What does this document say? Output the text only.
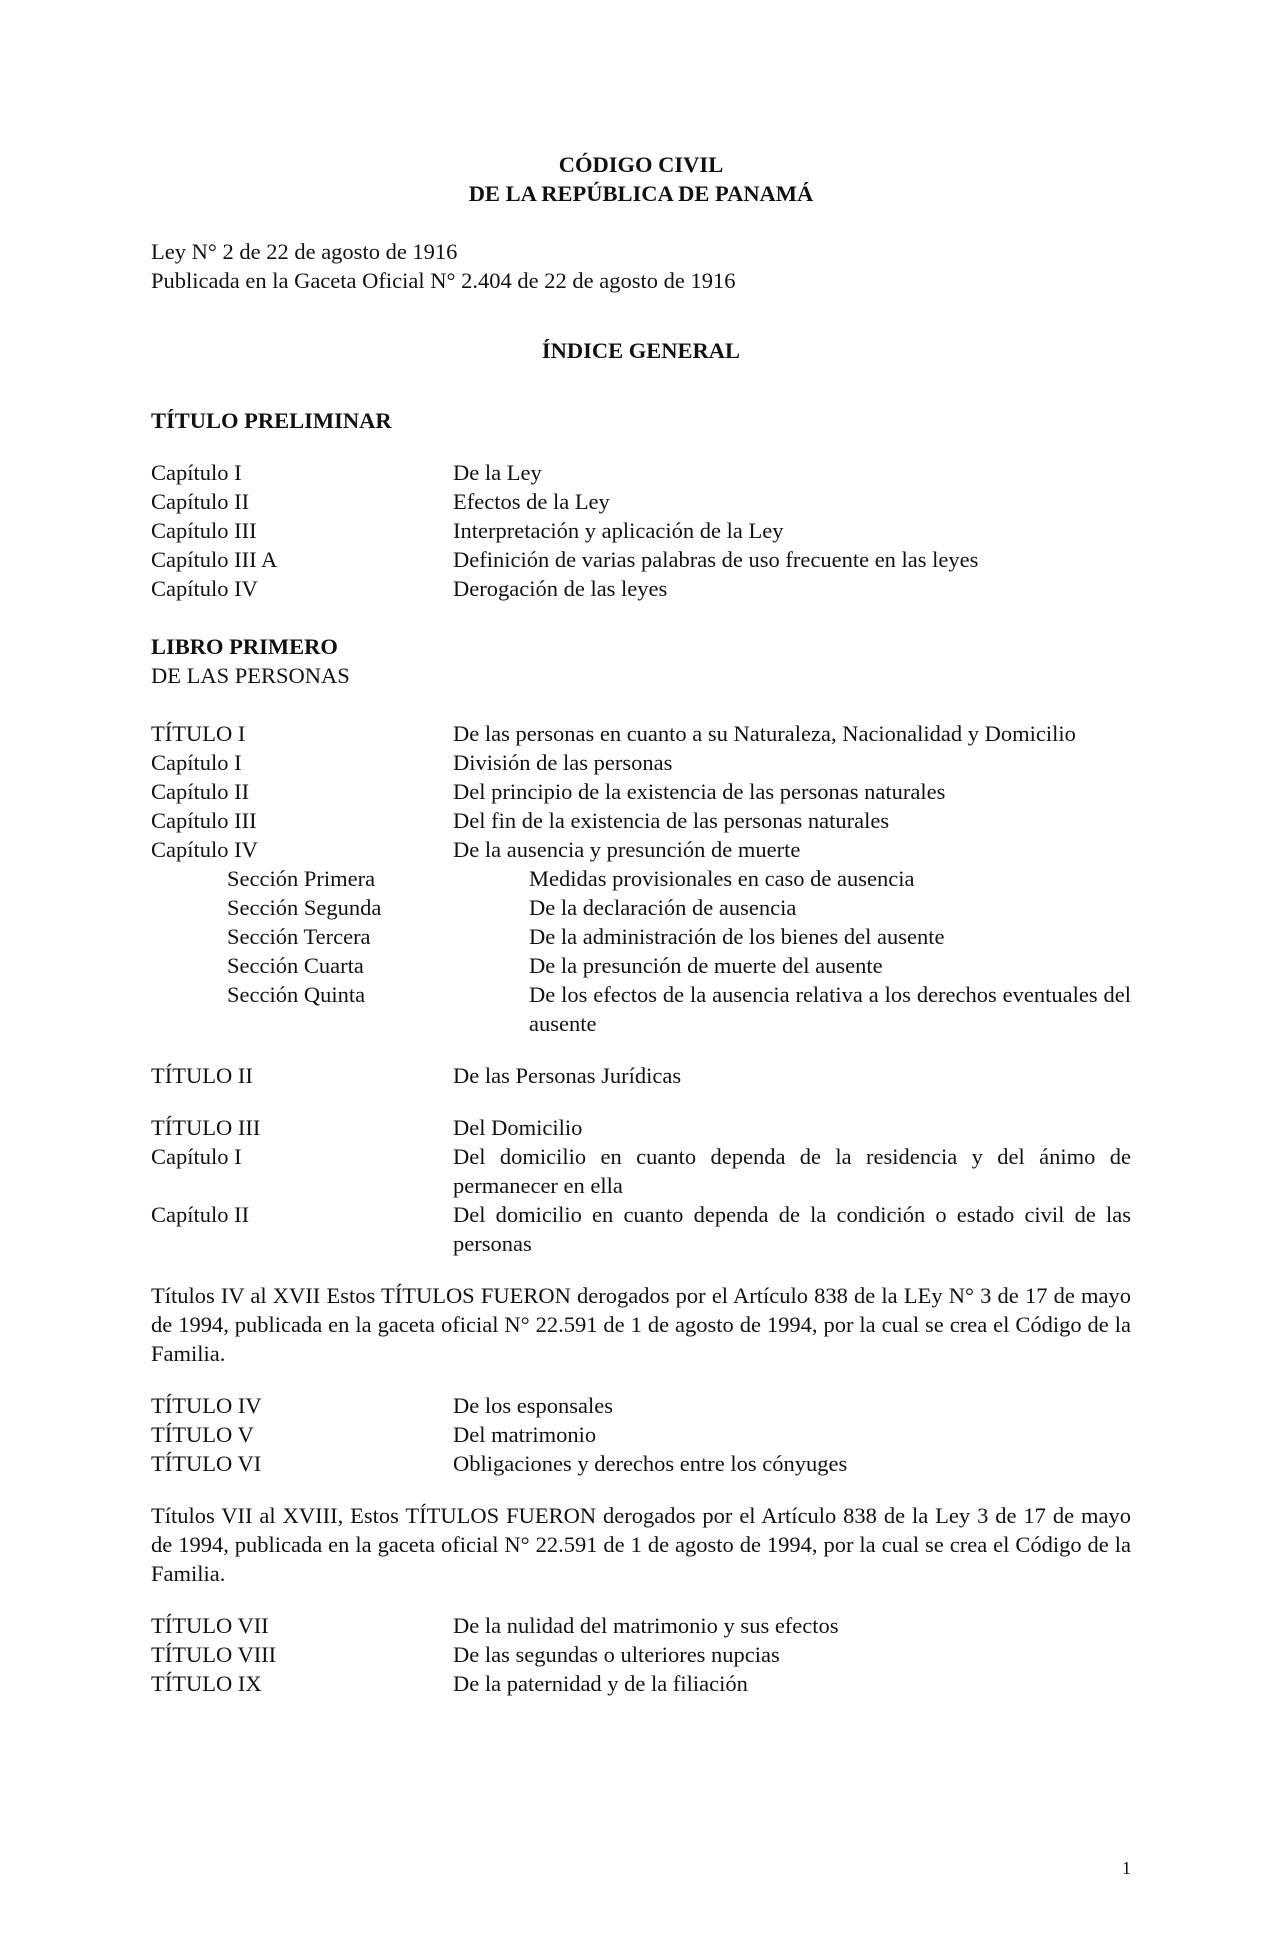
CÓDIGO CIVIL
DE LA REPÚBLICA DE PANAMÁ
Ley N° 2 de 22 de agosto de 1916
Publicada en la Gaceta Oficial N° 2.404 de 22 de agosto de 1916
ÍNDICE GENERAL
TÍTULO PRELIMINAR
Capítulo I	De la Ley
Capítulo II	Efectos de la Ley
Capítulo III	Interpretación y aplicación de la Ley
Capítulo III A	Definición de varias palabras de uso frecuente en las leyes
Capítulo IV	Derogación de las leyes
LIBRO PRIMERO
DE LAS PERSONAS
TÍTULO I	De las personas en cuanto a su Naturaleza, Nacionalidad y Domicilio
Capítulo I	División de las personas
Capítulo II	Del principio de la existencia de las personas naturales
Capítulo III	Del fin de la existencia de las personas naturales
Capítulo IV	De la ausencia y presunción de muerte
Sección Primera	Medidas provisionales en caso de ausencia
Sección Segunda	De la declaración de ausencia
Sección Tercera	De la administración de los bienes del ausente
Sección Cuarta	De la presunción de muerte del ausente
Sección Quinta	De los efectos de la ausencia relativa a los derechos eventuales del ausente
TÍTULO II	De las Personas Jurídicas
TÍTULO III	Del Domicilio
Capítulo I	Del domicilio en cuanto dependa de la residencia y del ánimo de permanecer en ella
Capítulo II	Del domicilio en cuanto dependa de la condición o estado civil de las personas
Títulos IV al XVII Estos TÍTULOS FUERON derogados por el Artículo 838 de la LEy N° 3 de 17 de mayo de 1994, publicada en la gaceta oficial N° 22.591 de 1 de agosto de 1994, por la cual se crea el Código de la Familia.
TÍTULO IV	De los esponsales
TÍTULO V	Del matrimonio
TÍTULO VI	Obligaciones y derechos entre los cónyuges
Títulos VII al XVIII, Estos TÍTULOS FUERON derogados por el Artículo 838 de la Ley 3 de 17 de mayo de 1994, publicada en la gaceta oficial N° 22.591 de 1 de agosto de 1994, por la cual se crea el Código de la Familia.
TÍTULO VII	De la nulidad del matrimonio y sus efectos
TÍTULO VIII	De las segundas o ulteriores nupcias
TÍTULO IX	De la paternidad y de la filiación
1
